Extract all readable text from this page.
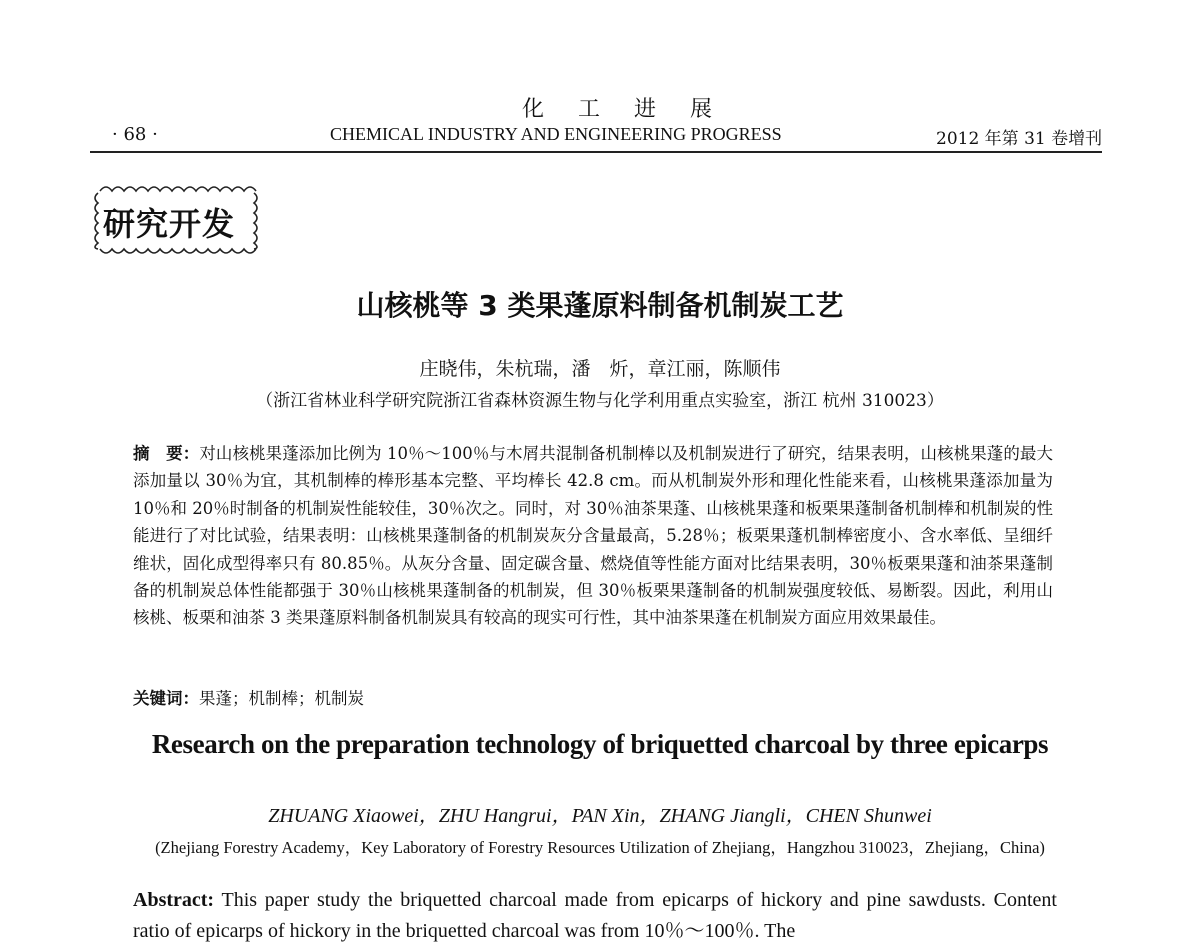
化工进展
· 68 ·	CHEMICAL INDUSTRY AND ENGINEERING PROGRESS	2012 年第 31 卷增刊
研究开发
山核桃等 3 类果蓬原料制备机制炭工艺
庄晓伟，朱杭瑞，潘　炘，章江丽，陈顺伟
（浙江省林业科学研究院浙江省森林资源生物与化学利用重点实验室，浙江 杭州 310023）
摘　要：对山核桃果蓬添加比例为 10％～100％与木屑共混制备机制棒以及机制炭进行了研究，结果表明，山核桃果蓬的最大添加量以 30％为宜，其机制棒的棒形基本完整、平均棒长 42.8 cm。而从机制炭外形和理化性能来看，山核桃果蓬添加量为 10％和 20％时制备的机制炭性能较佳，30％次之。同时，对 30％油茶果蓬、山核桃果蓬和板栗果蓬制备机制棒和机制炭的性能进行了对比试验，结果表明：山核桃果蓬制备的机制炭灰分含量最高，5.28％；板栗果蓬机制棒密度小、含水率低、呈细纤维状，固化成型得率只有 80.85％。从灰分含量、固定碳含量、燃烧值等性能方面对比结果表明，30％板栗果蓬和油茶果蓬制备的机制炭总体性能都强于 30％山核桃果蓬制备的机制炭，但 30％板栗果蓬制备的机制炭强度较低、易断裂。因此，利用山核桃、板栗和油茶 3 类果蓬原料制备机制炭具有较高的现实可行性，其中油茶果蓬在机制炭方面应用效果最佳。
关键词：果蓬；机制棒；机制炭
Research on the preparation technology of briquetted charcoal by three epicarps
ZHUANG Xiaowei，ZHU Hangrui，PAN Xin，ZHANG Jiangli，CHEN Shunwei
(Zhejiang Forestry Academy，Key Laboratory of Forestry Resources Utilization of Zhejiang，Hangzhou 310023，Zhejiang，China)
Abstract: This paper study the briquetted charcoal made from epicarps of hickory and pine sawdusts. Content ratio of epicarps of hickory in the briquetted charcoal was from 10％～100％. The
